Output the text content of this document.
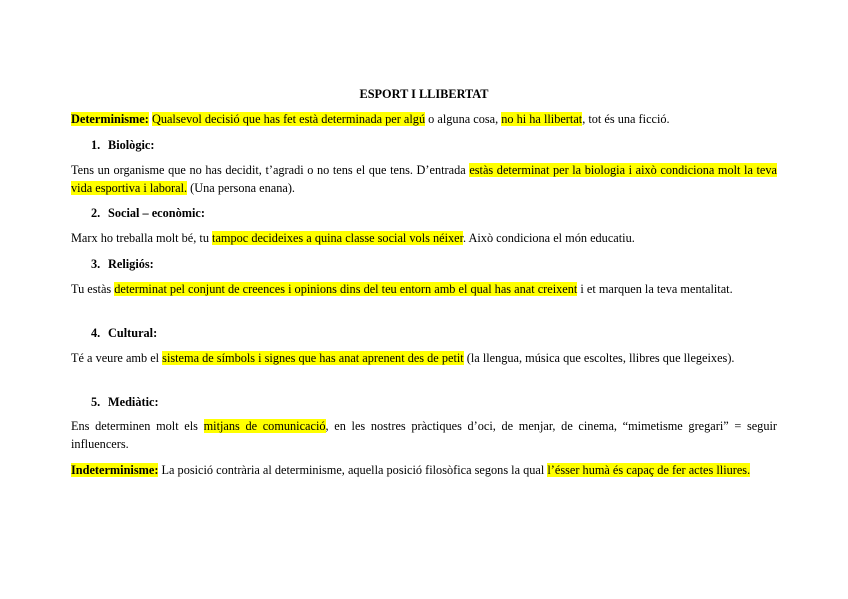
ESPORT I LLIBERTAT

Determinisme: Qualsevol decisió que has fet està determinada per algú o alguna cosa, no hi ha llibertat, tot és una ficció.

1. Biològic:

Tens un organisme que no has decidit, t’agradi o no tens el que tens. D’entrada estàs determinat per la biologia i això condiciona molt la teva vida esportiva i laboral. (Una persona enana).

2. Social – econòmic:

Marx ho treballa molt bé, tu tampoc decideixes a quina classe social vols néixer. Això condiciona el món educatiu.

3. Religiós:

Tu estàs determinat pel conjunt de creences i opinions dins del teu entorn amb el qual has anat creixent i et marquen la teva mentalitat.

4. Cultural:

Té a veure amb el sistema de símbols i signes que has anat aprenent des de petit (la llengua, música que escoltes, llibres que llegeixes).

5. Mediàtic:

Ens determinen molt els mitjans de comunicació, en les nostres pràctiques d’oci, de menjar, de cinema, “mimetisme gregari” = seguir influencers.

Indeterminisme: La posició contrària al determinisme, aquella posició filosòfica segons la qual l’ésser humà és capaç de fer actes lliures.
